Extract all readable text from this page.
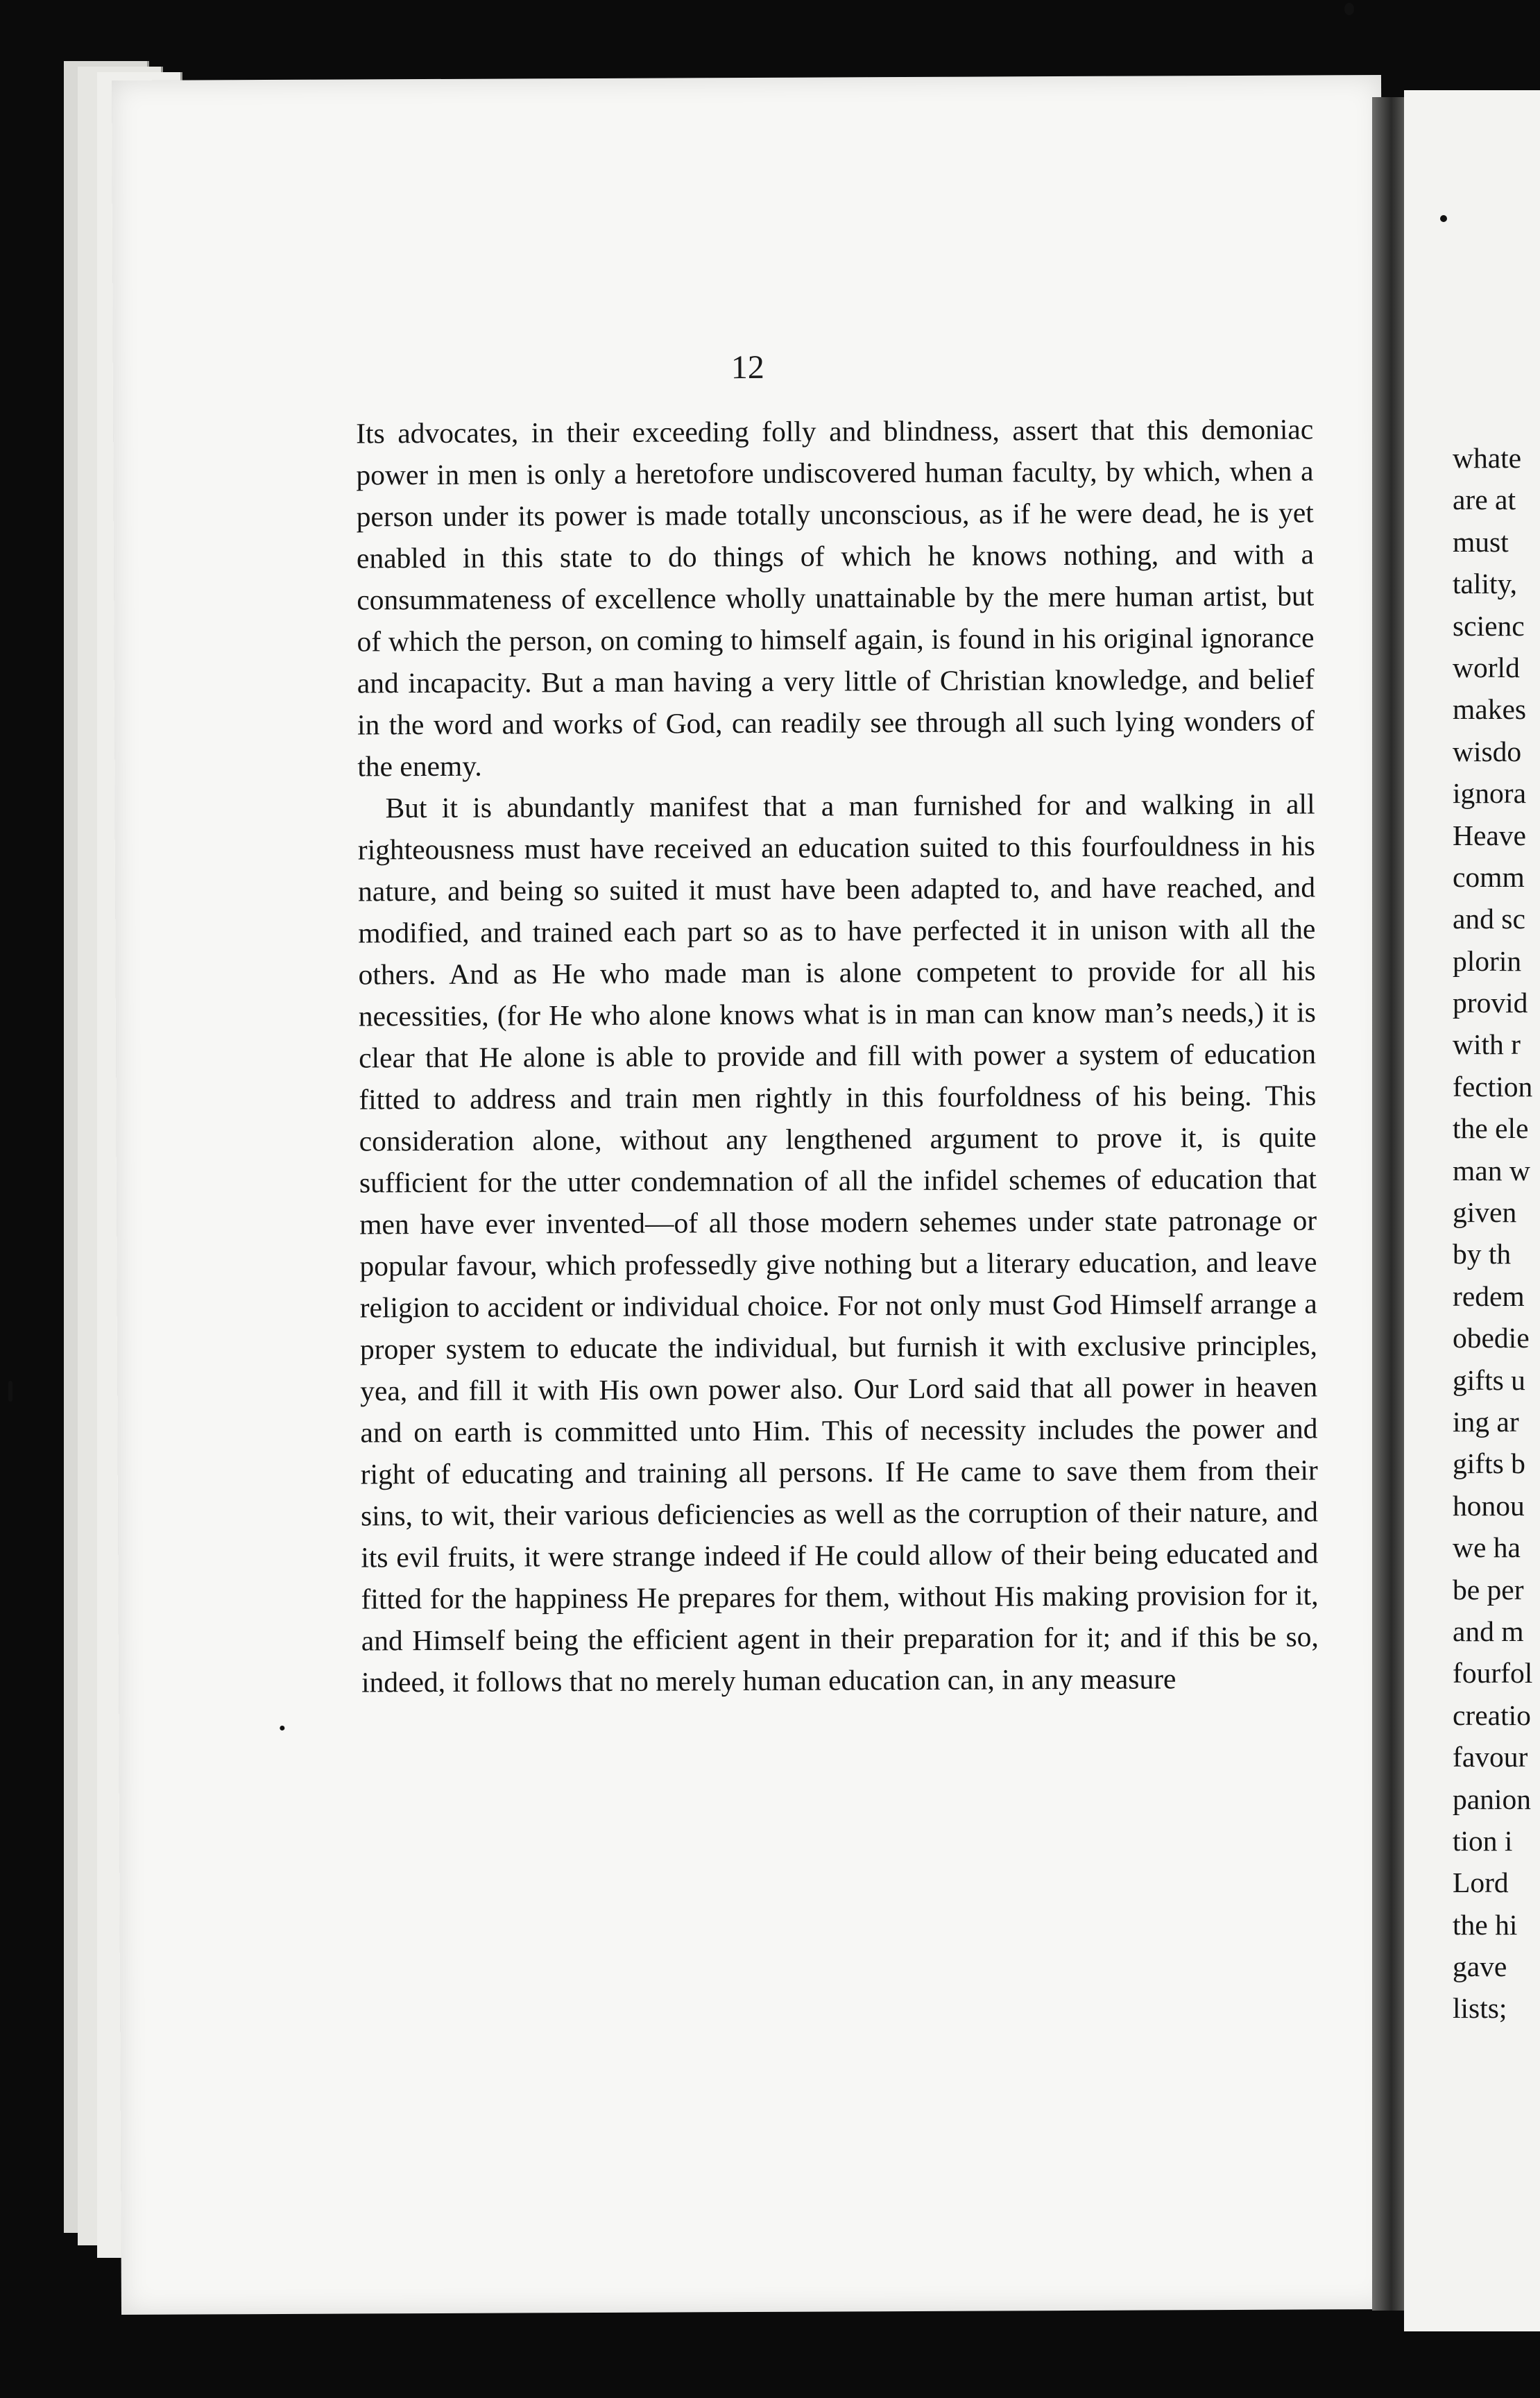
12

Its advocates, in their exceeding folly and blindness, assert that this demoniac power in men is only a heretofore undiscovered human faculty, by which, when a person under its power is made totally unconscious, as if he were dead, he is yet enabled in this state to do things of which he knows nothing, and with a consummateness of excellence wholly unattainable by the mere human artist, but of which the person, on coming to himself again, is found in his original ignorance and incapacity. But a man having a very little of Christian knowledge, and belief in the word and works of God, can readily see through all such lying wonders of the enemy.

But it is abundantly manifest that a man furnished for and walking in all righteousness must have received an education suited to this fourfouldness in his nature, and being so suited it must have been adapted to, and have reached, and modified, and trained each part so as to have perfected it in unison with all the others. And as He who made man is alone competent to provide for all his necessities, (for He who alone knows what is in man can know man’s needs,) it is clear that He alone is able to provide and fill with power a system of education fitted to address and train men rightly in this fourfoldness of his being. This consideration alone, without any lengthened argument to prove it, is quite sufficient for the utter condemnation of all the infidel schemes of education that men have ever invented—of all those modern sehemes under state patronage or popular favour, which professedly give nothing but a literary education, and leave religion to accident or individual choice. For not only must God Himself arrange a proper system to educate the individual, but furnish it with exclusive principles, yea, and fill it with His own power also. Our Lord said that all power in heaven and on earth is committed unto Him. This of necessity includes the power and right of educating and training all persons. If He came to save them from their sins, to wit, their various deficiencies as well as the corruption of their nature, and its evil fruits, it were strange indeed if He could allow of their being educated and fitted for the happiness He prepares for them, without His making provision for it, and Himself being the efficient agent in their preparation for it; and if this be so, indeed, it follows that no merely human education can, in any measure

whate
are at
must
tality,
scienc
world
makes
wisdo
ignora
Heave
comm
and sc
plorin
provid
with r
fection
the ele
man w
given
by th
redem
obedie
gifts u
ing ar
gifts b
honou
we ha
be per
and m
fourfol
creatio
favour
panion
tion i
Lord
the hi
gave
lists;
